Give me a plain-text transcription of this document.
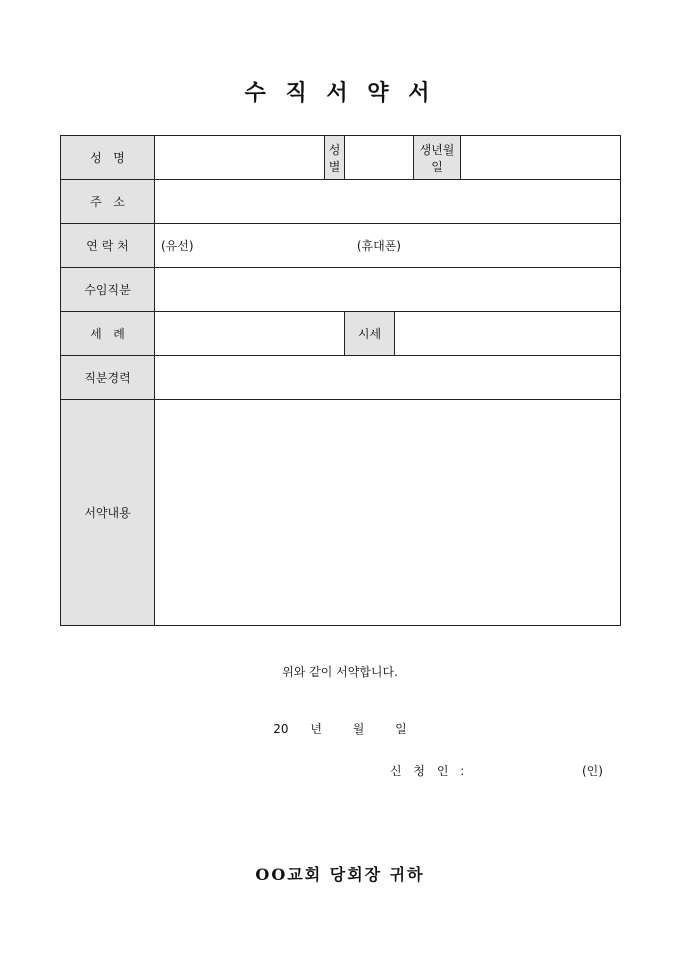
수 직 서 약 서
성   명		성별			생년월일	
주   소						
연 락 처	(유선) (휴대폰)					
수임직분						
세   례			시세			
직분경력						
서약내용						
위와 같이 서약합니다.
20 년	월	일
신 청 인 :	(인)
OO교회 당회장 귀하
